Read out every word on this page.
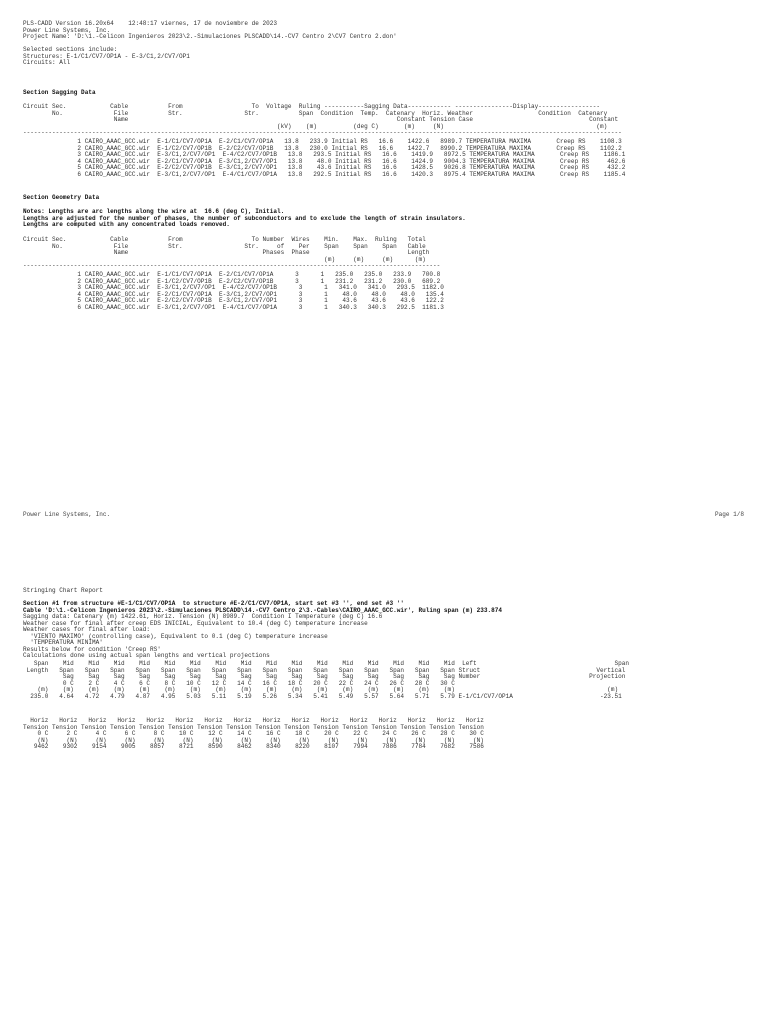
PLS-CADD Version 16.20x64    12:48:17 viernes, 17 de noviembre de 2023
Power Line Systems, Inc.
Project Name: 'D:\1.-Celicon Ingenieros 2023\2.-Simulaciones PLSCADD\14.-CV7 Centro 2\CV7 Centro 2.don'

Selected sections include:
Structures: E-1/C1/CV7/OP1A - E-3/C1,2/CV7/OP1
Circuits: All
Section Sagging Data
Circuit Sec.            Cable           From                   To  Voltage  Ruling -----------Sagging Data------------ ----------------Display-----------------
No.              File           Str.                 Str.           Span  Condition  Temp.  Catenary  Horiz. Weather                  Condition  Catenary
Name                                                                          Constant Tension Case                                Constant
(kV)    (m)          (deg C)       (m)     (N)                                          (m)
---------------------------------------------------------------------------------------------------------------------------------------------------------------------
1 CAIRO_AAAC_GCC.wir  E-1/C1/CV7/OP1A  E-2/C1/CV7/OP1A   13.8   233.9 Initial RS   16.6    1422.6   8989.7 TEMPERATURA MAXIMA       Creep RS    1108.3
2 CAIRO_AAAC_GCC.wir  E-1/C2/CV7/OP1B  E-2/C2/CV7/OP1B   13.8   230.0 Initial RS   16.6    1422.7   8990.2 TEMPERATURA MAXIMA       Creep RS    1102.2
3 CAIRO_AAAC_GCC.wir  E-3/C1,2/CV7/OP1  E-4/C2/CV7/OP1B   13.8   293.5 Initial RS   16.6    1419.9   8972.5 TEMPERATURA MAXIMA       Creep RS    1186.1
4 CAIRO_AAAC_GCC.wir  E-2/C1/CV7/OP1A  E-3/C1,2/CV7/OP1   13.8    48.0 Initial RS   16.6    1424.9   9004.3 TEMPERATURA MAXIMA       Creep RS     462.6
5 CAIRO_AAAC_GCC.wir  E-2/C2/CV7/OP1B  E-3/C1,2/CV7/OP1   13.8    43.6 Initial RS   16.6    1428.5   9026.8 TEMPERATURA MAXIMA       Creep RS     432.2
6 CAIRO_AAAC_GCC.wir  E-3/C1,2/CV7/OP1  E-4/C1/CV7/OP1A   13.8   292.5 Initial RS   16.6    1420.3   8975.4 TEMPERATURA MAXIMA       Creep RS    1185.4
Section Geometry Data
Notes: Lengths are arc lengths along the wire at  16.6 (deg C), Initial.
Lengths are adjusted for the number of phases, the number of subconductors and to exclude the length of strain insulators.
Lengths are computed with any concentrated loads removed.
Circuit Sec.            Cable           From                   To Number  Wires    Min.    Max.  Ruling   Total
No.              File           Str.                 Str.     of    Per    Span    Span    Span   Cable
Name                                     Phases  Phase                           Length
(m)     (m)     (m)      (m)
-------------------------------------------------------------------------------------------------------------------
1 CAIRO_AAAC_GCC.wir  E-1/C1/CV7/OP1A  E-2/C1/CV7/OP1A      3      1   235.0   235.0   233.9   700.8
2 CAIRO_AAAC_GCC.wir  E-1/C2/CV7/OP1B  E-2/C2/CV7/OP1B      3      1   231.2   231.2   230.0   689.2
3 CAIRO_AAAC_GCC.wir  E-3/C1,2/CV7/OP1  E-4/C2/CV7/OP1B      3      1   341.0   341.0   293.5  1182.0
4 CAIRO_AAAC_GCC.wir  E-2/C1/CV7/OP1A  E-3/C1,2/CV7/OP1      3      1    48.0    48.0    48.0   135.4
5 CAIRO_AAAC_GCC.wir  E-2/C2/CV7/OP1B  E-3/C1,2/CV7/OP1      3      1    43.6    43.6    43.6   122.2
6 CAIRO_AAAC_GCC.wir  E-3/C1,2/CV7/OP1  E-4/C1/CV7/OP1A      3      1   340.3   340.3   292.5  1181.3
Power Line Systems, Inc.	Page 1/8
Stringing Chart Report
Section #1 from structure #E-1/C1/CV7/OP1A  to structure #E-2/C1/CV7/OP1A, start set #3 '', end set #3 ''
Cable 'D:\1.-Celicon Ingenieros 2023\2.-Simulaciones PLSCADD\14.-CV7 Centro 2\3.-Cables\CAIRO_AAAC_GCC.wir', Ruling span (m) 233.874
Sagging data: Catenary (m) 1422.61, Horiz. Tension (N) 8989.7  Condition I Temperature (deg C) 16.6
Weather case for final after creep EDS INICIAL, Equivalent to 10.4 (deg C) temperature increase
Weather cases for final after load:
'VIENTO MAXIMO' (controlling case), Equivalent to 0.1 (deg C) temperature increase
'TEMPERATURA MINIMA'
Results below for condition 'Creep RS'
Calculations done using actual span lengths and vertical projections
Span    Mid    Mid    Mid    Mid    Mid    Mid    Mid    Mid    Mid    Mid    Mid    Mid    Mid    Mid    Mid    Mid  Left                                      Span
Length   Span   Span   Span   Span   Span   Span   Span   Span   Span   Span   Span   Span   Span   Span   Span   Span Struct                                Vertical
Sag    Sag    Sag    Sag    Sag    Sag    Sag    Sag    Sag    Sag    Sag    Sag    Sag    Sag    Sag    Sag Number                              Projection
0 C    2 C    4 C    6 C    8 C   10 C   12 C   14 C   16 C   18 C   20 C   22 C   24 C   26 C   28 C   30 C
(m)    (m)    (m)    (m)    (m)    (m)    (m)    (m)    (m)    (m)    (m)    (m)    (m)    (m)    (m)    (m)    (m)                                          (m)
235.0   4.64   4.72   4.79   4.87   4.95   5.03   5.11   5.19   5.26   5.34   5.41   5.49   5.57   5.64   5.71   5.79 E-1/C1/CV7/OP1A                        -23.51
Horiz   Horiz   Horiz   Horiz   Horiz   Horiz   Horiz   Horiz   Horiz   Horiz   Horiz   Horiz   Horiz   Horiz   Horiz   Horiz
Tension Tension Tension Tension Tension Tension Tension Tension Tension Tension Tension Tension Tension Tension Tension Tension
0 C     2 C     4 C     6 C     8 C    10 C    12 C    14 C    16 C    18 C    20 C    22 C    24 C    26 C    28 C    30 C
(N)     (N)     (N)     (N)     (N)     (N)     (N)     (N)     (N)     (N)     (N)     (N)     (N)     (N)     (N)     (N)
9462    9302    9154    9005    8857    8721    8590    8462    8340    8220    8107    7994    7886    7784    7682    7586
